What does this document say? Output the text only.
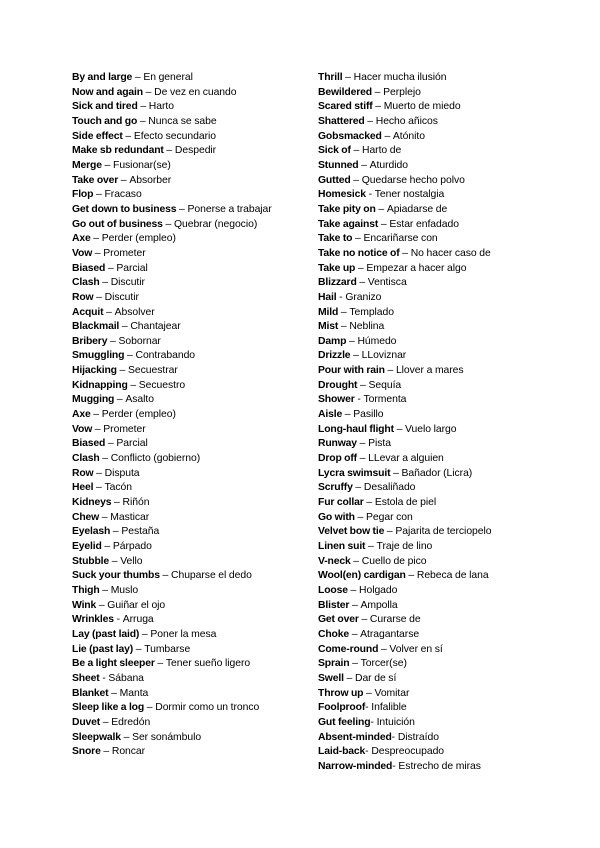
By and large – En general

Now and again – De vez en cuando

Sick and tired – Harto

Touch and go – Nunca se sabe

Side effect – Efecto secundario

Make sb redundant – Despedir

Merge – Fusionar(se)

Take over – Absorber

Flop – Fracaso

Get down to business – Ponerse a trabajar

Go out of business – Quebrar (negocio)

Axe – Perder (empleo)

Vow – Prometer

Biased – Parcial

Clash – Discutir

Row – Discutir

Acquit – Absolver

Blackmail – Chantajear

Bribery – Sobornar

Smuggling – Contrabando

Hijacking – Secuestrar

Kidnapping – Secuestro

Mugging – Asalto

Axe – Perder (empleo)

Vow – Prometer

Biased – Parcial

Clash – Conflicto (gobierno)

Row – Disputa

Heel – Tacón

Kidneys – Riñón

Chew – Masticar

Eyelash – Pestaña

Eyelid – Párpado

Stubble – Vello

Suck your thumbs – Chuparse el dedo

Thigh – Muslo

Wink – Guiñar el ojo

Wrinkles - Arruga

Lay (past laid) – Poner la mesa

Lie (past lay) – Tumbarse

Be a light sleeper – Tener sueño ligero

Sheet - Sábana

Blanket – Manta

Sleep like a log – Dormir como un tronco

Duvet – Edredón

Sleepwalk – Ser sonámbulo

Snore – Roncar

Thrill – Hacer mucha ilusión

Bewildered – Perplejo

Scared stiff – Muerto de miedo

Shattered – Hecho añicos

Gobsmacked – Atónito

Sick of – Harto de

Stunned – Aturdido

Gutted – Quedarse hecho polvo

Homesick - Tener nostalgia

Take pity on – Apiadarse de

Take against – Estar enfadado

Take to – Encariñarse con

Take no notice of – No hacer caso de

Take up – Empezar a hacer algo

Blizzard – Ventisca

Hail - Granizo

Mild – Templado

Mist – Neblina

Damp – Húmedo

Drizzle – LLoviznar

Pour with rain – Llover a mares

Drought – Sequía

Shower - Tormenta

Aisle – Pasillo

Long-haul flight – Vuelo largo

Runway – Pista

Drop off – LLevar a alguien

Lycra swimsuit – Bañador (Licra)

Scruffy – Desaliñado

Fur collar – Estola de piel

Go with – Pegar con

Velvet bow tie – Pajarita de terciopelo

Linen suit – Traje de lino

V-neck – Cuello de pico

Wool(en) cardigan – Rebeca de lana

Loose – Holgado

Blister – Ampolla

Get over – Curarse de

Choke – Atragantarse

Come-round – Volver en sí

Sprain – Torcer(se)

Swell – Dar de sí

Throw up – Vomitar

Foolproof- Infalible

Gut feeling- Intuición

Absent-minded- Distraído

Laid-back- Despreocupado

Narrow-minded- Estrecho de miras
